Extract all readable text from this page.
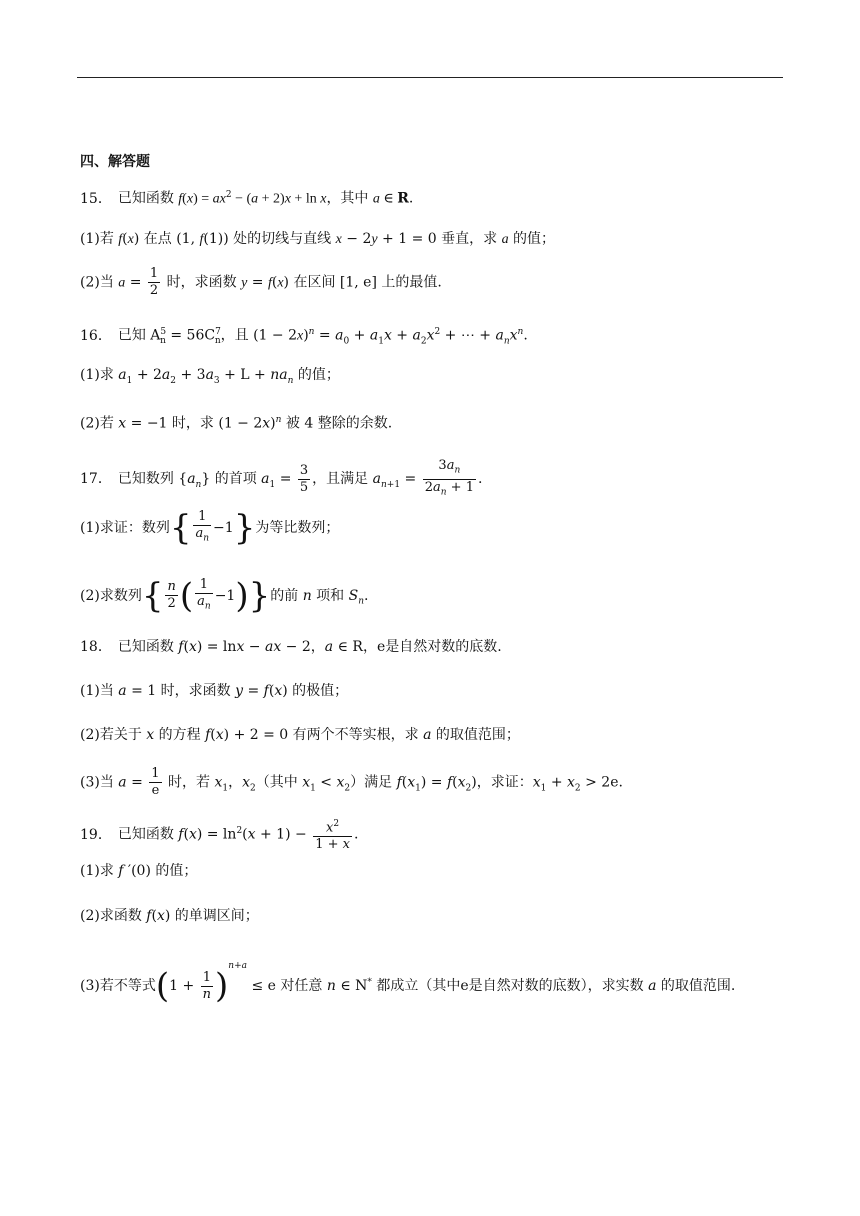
四、解答题
15． 已知函数 $f(x) = ax^2 - (a + 2)x + \ln x$，其中 a ∈ R.
(1)若 f(x) 在点 (1, f(1)) 处的切线与直线 x − 2y + 1 = 0 垂直，求 a 的值；
(2)当 $a = \frac{1}{2}$ 时，求函数 y = f(x) 在区间 [1, e] 上的最值.
16． 已知 $A^5_n = 56C^7_n$，且 $(1 - 2x)^n = a_0 + a_1x + a_2x^2$ + ⋯ + $a_nx^n$.
(1)求 $a_1 + 2a_2 + 3a_3 + L + na_n$ 的值；
(2)若 x = −1 时，求 $(1 - 2x)^n$ 被 4 整除的余数.
17． 已知数列 $\{a_n\}$ 的首项 $a_1 = \frac{3}{5}$ ，且满足 $a_{n+1} = \frac{3a_n}{2a_n + 1}$ .
(1)求证：数列{ $\frac{1}{a_n} -1$}为等比数列；
(2)求数列{ $\frac{n}{2}$ ( $\frac{1}{a_n} -1$)}的前 n 项和 $S_n$.
18． 已知函数 f(x) = lnx − ax − 2，a ∈ R，e是自然对数的底数.
(1)当 a = 1 时，求函数 y = f(x) 的极值；
(2)若关于 x 的方程 f(x) + 2 = 0 有两个不等实根，求 a 的取值范围；
(3)当 $a = \frac{1}{e}$ 时，若 $x_1$，$x_2$（其中 $x_1 < x_2$）满足 $f(x_1) = f(x_2)$，求证：$x_1 + x_2 > 2e$.
19． 已知函数 $f(x) = \ln^2(x + 1) - \frac{x^2}{1 + x}$ .
(1)求 f ′(0) 的值；
(2)求函数 f(x) 的单调区间；
(3)若不等式$(1 + \frac{1}{n} )^{n+a} \le e$ 对任意 n ∈ N* 都成立（其中e是自然对数的底数），求实数 a 的取值范围.
